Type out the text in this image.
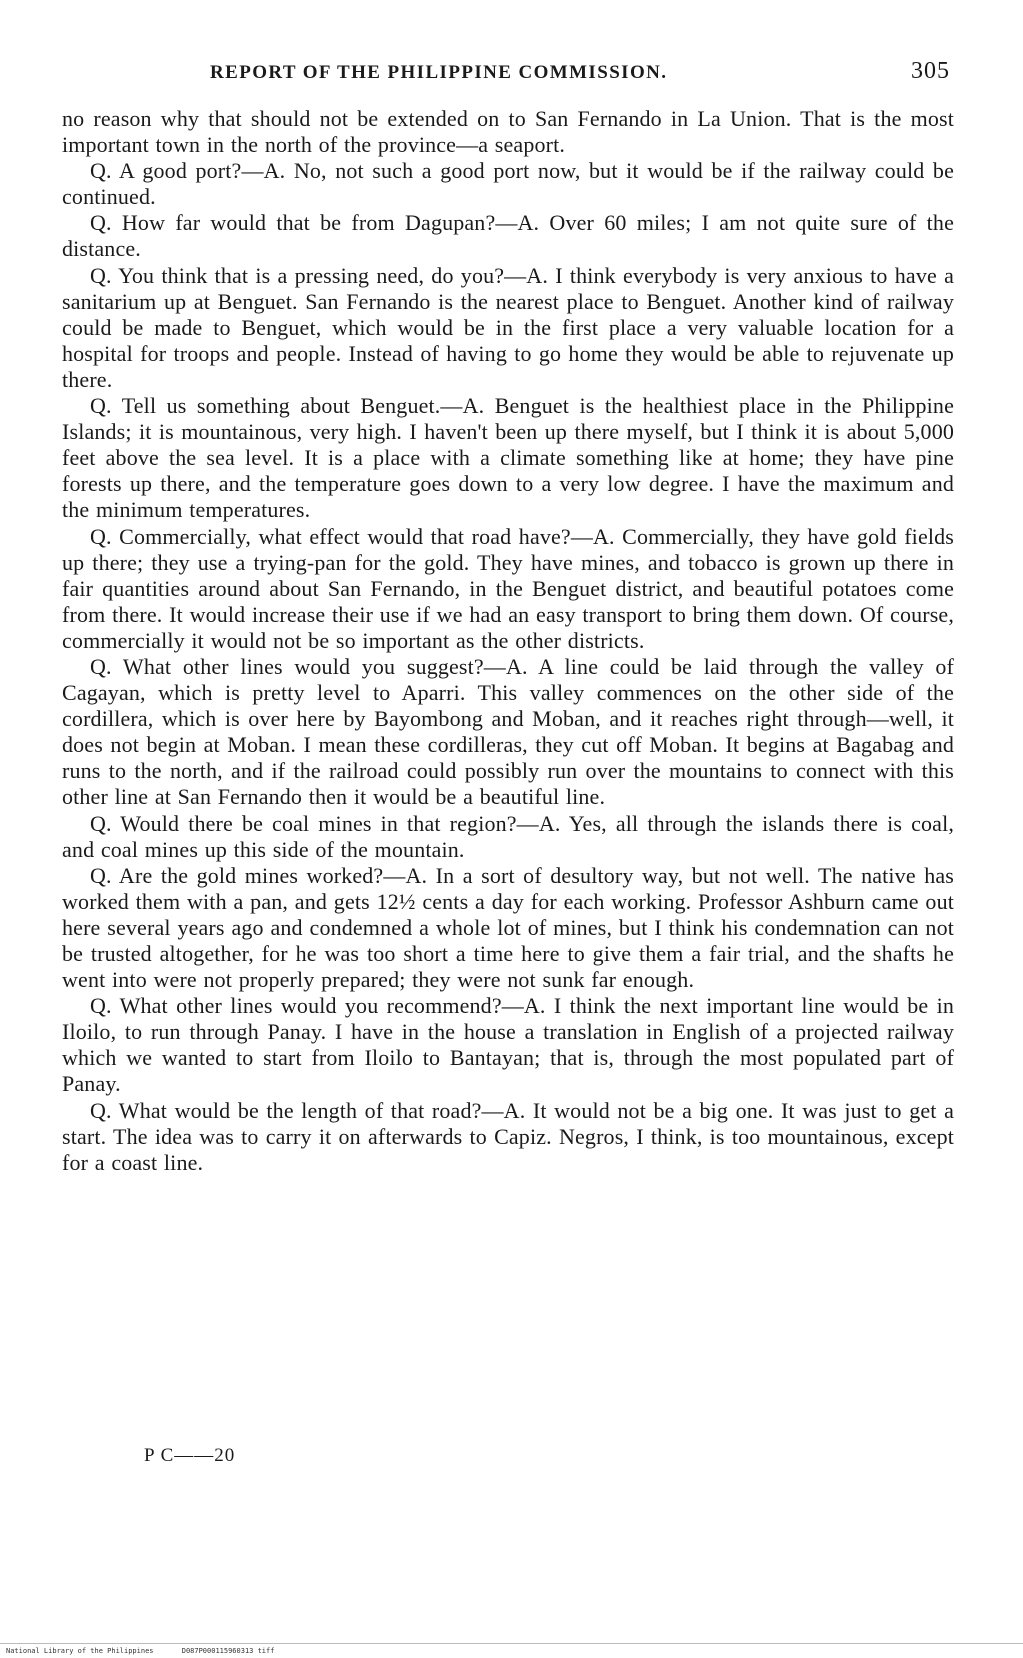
REPORT OF THE PHILIPPINE COMMISSION.	305

no reason why that should not be extended on to San Fernando in La Union. That is the most important town in the north of the province—a seaport.

Q. A good port?—A. No, not such a good port now, but it would be if the railway could be continued.

Q. How far would that be from Dagupan?—A. Over 60 miles; I am not quite sure of the distance.

Q. You think that is a pressing need, do you?—A. I think everybody is very anxious to have a sanitarium up at Benguet. San Fernando is the nearest place to Benguet. Another kind of railway could be made to Benguet, which would be in the first place a very valuable location for a hospital for troops and people. Instead of having to go home they would be able to rejuvenate up there.

Q. Tell us something about Benguet.—A. Benguet is the healthiest place in the Philippine Islands; it is mountainous, very high. I haven't been up there myself, but I think it is about 5,000 feet above the sea level. It is a place with a climate something like at home; they have pine forests up there, and the temperature goes down to a very low degree. I have the maximum and the minimum temperatures.

Q. Commercially, what effect would that road have?—A. Commercially, they have gold fields up there; they use a trying-pan for the gold. They have mines, and tobacco is grown up there in fair quantities around about San Fernando, in the Benguet district, and beautiful potatoes come from there. It would increase their use if we had an easy transport to bring them down. Of course, commercially it would not be so important as the other districts.

Q. What other lines would you suggest?—A. A line could be laid through the valley of Cagayan, which is pretty level to Aparri. This valley commences on the other side of the cordillera, which is over here by Bayombong and Moban, and it reaches right through—well, it does not begin at Moban. I mean these cordilleras, they cut off Moban. It begins at Bagabag and runs to the north, and if the railroad could possibly run over the mountains to connect with this other line at San Fernando then it would be a beautiful line.

Q. Would there be coal mines in that region?—A. Yes, all through the islands there is coal, and coal mines up this side of the mountain.

Q. Are the gold mines worked?—A. In a sort of desultory way, but not well. The native has worked them with a pan, and gets 12½ cents a day for each working. Professor Ashburn came out here several years ago and condemned a whole lot of mines, but I think his condemnation can not be trusted altogether, for he was too short a time here to give them a fair trial, and the shafts he went into were not properly prepared; they were not sunk far enough.

Q. What other lines would you recommend?—A. I think the next important line would be in Iloilo, to run through Panay. I have in the house a translation in English of a projected railway which we wanted to start from Iloilo to Bantayan; that is, through the most populated part of Panay.

Q. What would be the length of that road?—A. It would not be a big one. It was just to get a start. The idea was to carry it on afterwards to Capiz. Negros, I think, is too mountainous, except for a coast line.

P C——20
National Library of the Philippines	D087P000115960313 tiff
